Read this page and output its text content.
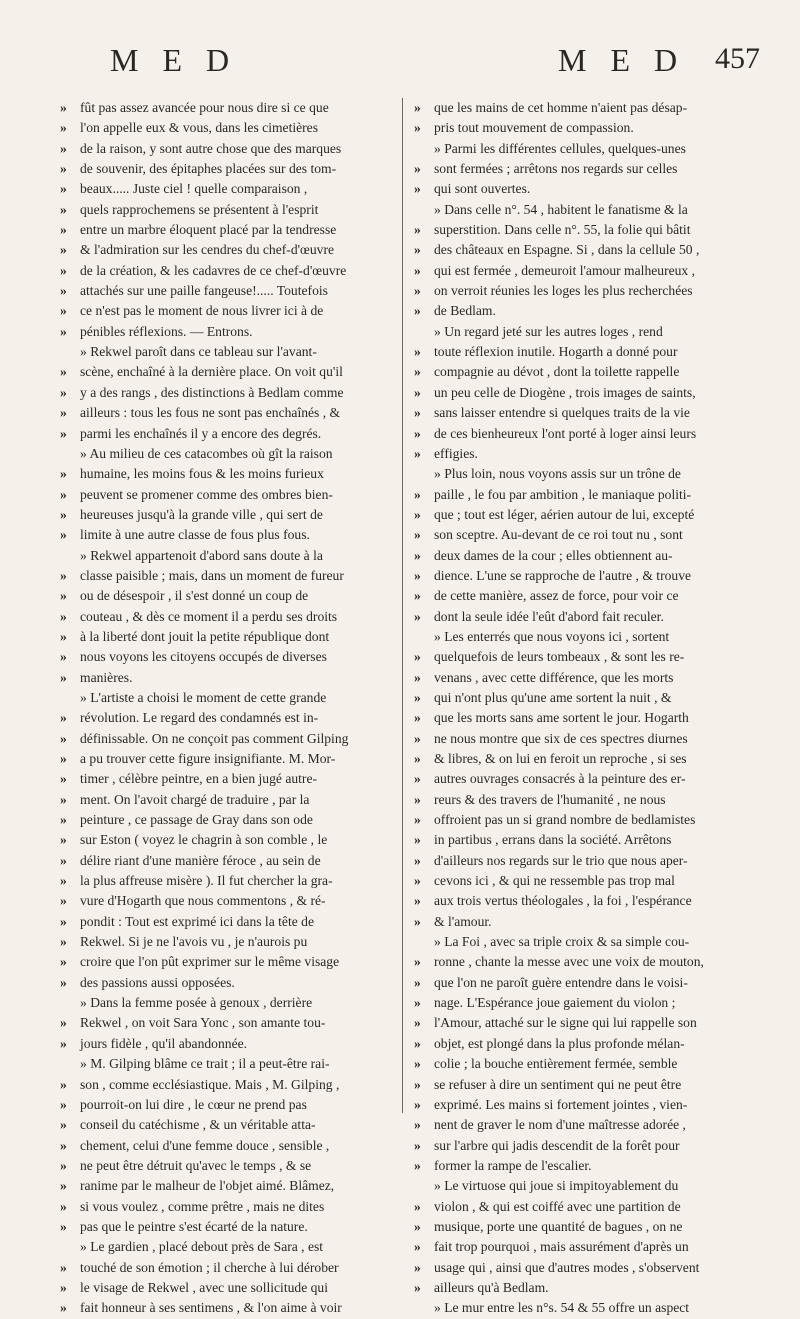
M E D	M E D 457
» fût pas assez avancée pour nous dire si ce que
» l'on appelle eux & vous, dans les cimetières
» de la raison, y sont autre chose que des marques
» de souvenir, des épitaphes placées sur des tom-
» beaux..... Juste ciel ! quelle comparaison ,
» quels rapprochemens se présentent à l'esprit
» entre un marbre éloquent placé par la tendresse
» & l'admiration sur les cendres du chef-d'œuvre
» de la création, & les cadavres de ce chef-d'œuvre
» attachés sur une paille fangeuse!..... Toutefois
» ce n'est pas le moment de nous livrer ici à de
» pénibles réflexions. — Entrons.
» Rekwel paroît dans ce tableau sur l'avant-
» scène, enchaîné à la dernière place. On voit qu'il
» y a des rangs , des distinctions à Bedlam comme
» ailleurs : tous les fous ne sont pas enchaînés , &
» parmi les enchaînés il y a encore des degrés.
» Au milieu de ces catacombes où gît la raison
» humaine, les moins fous & les moins furieux
» peuvent se promener comme des ombres bien-
» heureuses jusqu'à la grande ville , qui sert de
» limite à une autre classe de fous plus fous.
» Rekwel appartenoit d'abord sans doute à la
» classe paisible ; mais, dans un moment de fureur
» ou de désespoir , il s'est donné un coup de
» couteau , & dès ce moment il a perdu ses droits
» à la liberté dont jouit la petite république dont
» nous voyons les citoyens occupés de diverses
» manières.
» L'artiste a choisi le moment de cette grande
» révolution. Le regard des condamnés est in-
» définissable. On ne conçoit pas comment Gilping
» a pu trouver cette figure insignifiante. M. Mor-
» timer , célèbre peintre, en a bien jugé autre-
» ment. On l'avoit chargé de traduire , par la
» peinture , ce passage de Gray dans son ode
» sur Eston ( voyez le chagrin à son comble , le
» délire riant d'une manière féroce , au sein de
» la plus affreuse misère ). Il fut chercher la gra-
» vure d'Hogarth que nous commentons , & ré-
» pondit : Tout est exprimé ici dans la tête de
» Rekwel. Si je ne l'avois vu , je n'aurois pu
» croire que l'on pût exprimer sur le même visage
» des passions aussi opposées.
» Dans la femme posée à genoux , derrière
» Rekwel , on voit Sara Yonc , son amante tou-
» jours fidèle , qu'il abandonnée.
» M. Gilping blâme ce trait ; il a peut-être rai-
» son , comme ecclésiastique. Mais , M. Gilping ,
» pourroit-on lui dire , le cœur ne prend pas
» conseil du catéchisme , & un véritable atta-
» chement, celui d'une femme douce , sensible ,
» ne peut être détruit qu'avec le temps , & se
» ranime par le malheur de l'objet aimé. Blâmez,
» si vous voulez , comme prêtre , mais ne dites
» pas que le peintre s'est écarté de la nature.
» Le gardien , placé debout près de Sara , est
» touché de son émotion ; il cherche à lui dérober
» le visage de Rekwel , avec une sollicitude qui
» fait honneur à ses sentimens , & l'on aime à voir
» que les mains de cet homme n'aient pas désap-
» pris tout mouvement de compassion.
» Parmi les différentes cellules, quelques-unes
» sont fermées ; arrêtons nos regards sur celles
» qui sont ouvertes.
» Dans celle n°. 54 , habitent le fanatisme & la
» superstition. Dans celle n°. 55, la folie qui bâtit
» des châteaux en Espagne. Si , dans la cellule 50 ,
» qui est fermée , demeuroit l'amour malheureux ,
» on verroit réunies les loges les plus recherchées
» de Bedlam.
» Un regard jeté sur les autres loges , rend
» toute réflexion inutile. Hogarth a donné pour
» compagnie au dévot , dont la toilette rappelle
» un peu celle de Diogène , trois images de saints,
» sans laisser entendre si quelques traits de la vie
» de ces bienheureux l'ont porté à loger ainsi leurs
» effigies.
» Plus loin, nous voyons assis sur un trône de
» paille , le fou par ambition , le maniaque politi-
» que ; tout est léger, aérien autour de lui, excepté
» son sceptre. Au-devant de ce roi tout nu , sont
» deux dames de la cour ; elles obtiennent au-
» dience. L'une se rapproche de l'autre , & trouve
» de cette manière, assez de force, pour voir ce
» dont la seule idée l'eût d'abord fait reculer.
» Les enterrés que nous voyons ici , sortent
» quelquefois de leurs tombeaux , & sont les re-
» venans , avec cette différence, que les morts
» qui n'ont plus qu'une ame sortent la nuit , &
» que les morts sans ame sortent le jour. Hogarth
» ne nous montre que six de ces spectres diurnes
» & libres, & on lui en feroit un reproche , si ses
» autres ouvrages consacrés à la peinture des er-
» reurs & des travers de l'humanité , ne nous
» offroient pas un si grand nombre de bedlamistes
» in partibus , errans dans la société. Arrêtons
» d'ailleurs nos regards sur le trio que nous aper-
» cevons ici , & qui ne ressemble pas trop mal
» aux trois vertus théologales , la foi , l'espérance
» & l'amour.
» La Foi , avec sa triple croix & sa simple cou-
» ronne , chante la messe avec une voix de mouton,
» que l'on ne paroît guère entendre dans le voisi-
» nage. L'Espérance joue gaiement du violon ;
» l'Amour, attaché sur le signe qui lui rappelle son
» objet, est plongé dans la plus profonde mélan-
» colie ; la bouche entièrement fermée, semble
» se refuser à dire un sentiment qui ne peut être
» exprimé. Les mains si fortement jointes , vien-
» nent de graver le nom d'une maîtresse adorée ,
» sur l'arbre qui jadis descendit de la forêt pour
» former la rampe de l'escalier.
» Le virtuose qui joue si impitoyablement du
» violon , & qui est coiffé avec une partition de
» musique, porte une quantité de bagues , on ne
» fait trop pourquoi , mais assurément d'après un
» usage qui , ainsi que d'autres modes , s'observent
» ailleurs qu'à Bedlam.
» Le mur entre les n°s. 54 & 55 offre un aspect
